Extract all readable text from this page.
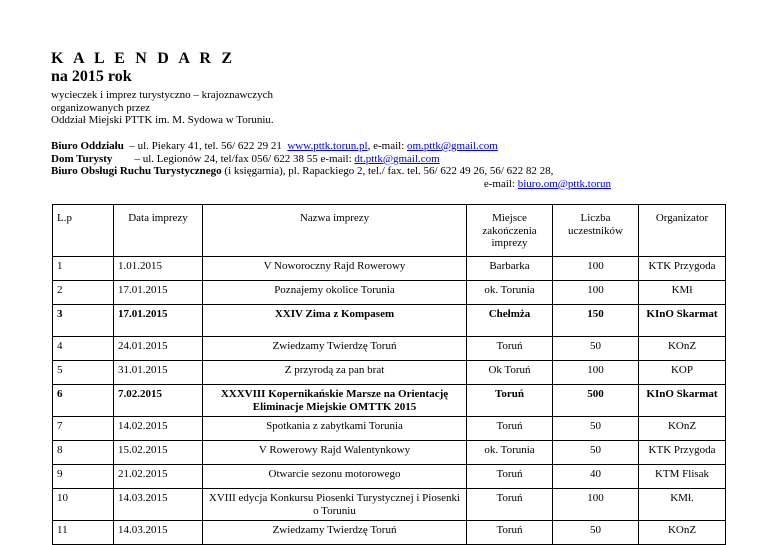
K A L E N D A R Z
na 2015 rok
wycieczek i imprez turystyczno – krajoznawczych
organizowanych przez
Oddział Miejski PTTK im. M. Sydowa w Toruniu.
Biuro Oddziału  – ul. Piekary 41, tel. 56/ 622 29 21  www.pttk.torun.pl, e-mail: om.pttk@gmail.com
Dom Turysty        – ul. Legionów 24, tel/fax 056/ 622 38 55 e-mail: dt.pttk@gmail.com
Biuro Obsługi Ruchu Turystycznego (i księgarnia), pl. Rapackiego 2, tel./ fax. tel. 56/ 622 49 26, 56/ 622 82 28,
e-mail: biuro.om@pttk.torun
L.p	Data imprezy	Nazwa imprezy	Miejsce zakończenia imprezy	Liczba uczestników	Organizator
1	1.01.2015	V Noworoczny Rajd Rowerowy	Barbarka	100	KTK Przygoda
2	17.01.2015	Poznajemy okolice Torunia	ok. Torunia	100	KMł
3	17.01.2015	XXIV Zima z Kompasem	Chełmża	150	KInO Skarmat
4	24.01.2015	Zwiedzamy Twierdzę Toruń	Toruń	50	KOnZ
5	31.01.2015	Z przyrodą za pan brat	Ok Toruń	100	KOP
6	7.02.2015	XXXVIII Kopernikańskie Marsze na Orientację Eliminacje Miejskie OMTTK 2015	Toruń	500	KInO Skarmat
7	14.02.2015	Spotkania z zabytkami Torunia	Toruń	50	KOnZ
8	15.02.2015	V Rowerowy Rajd Walentynkowy	ok. Torunia	50	KTK Przygoda
9	21.02.2015	Otwarcie sezonu motorowego	Toruń	40	KTM Flisak
10	14.03.2015	XVIII edycja Konkursu Piosenki Turystycznej i Piosenki o Toruniu	Toruń	100	KMł.
11	14.03.2015	Zwiedzamy Twierdzę Toruń	Toruń	50	KOnZ
